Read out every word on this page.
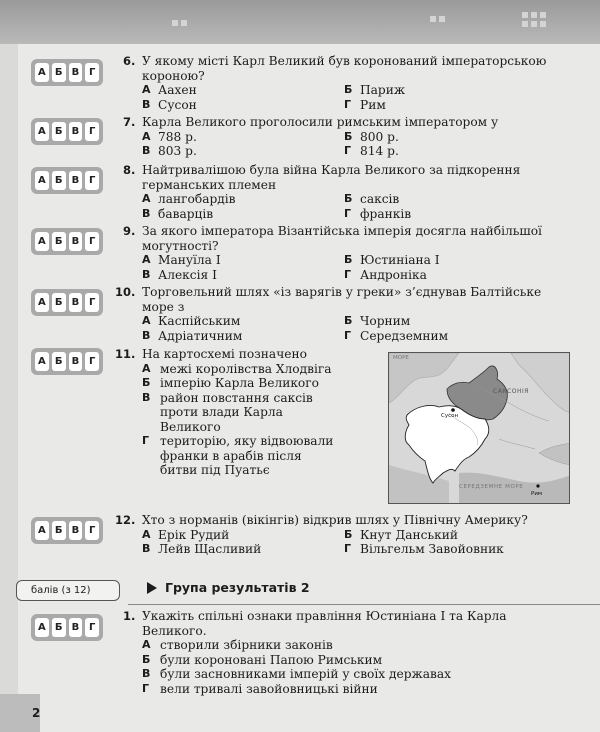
А Б В Г
А Б В Г
А Б В Г
А Б В Г
А Б В Г
А Б В Г
А Б В Г
А Б В Г
6. У якому місті Карл Великий був коронований імператорською короною?
А Аахен	Б Париж
В Сусон	Г Рим
7. Карла Великого проголосили римським імператором у
А 788 р.	Б 800 р.
В 803 р.	Г 814 р.
8. Найтривалішою була війна Карла Великого за підкорення германських племен
А лангобардів	Б саксів
В баварців	Г франків
9. За якого імператора Візантійська імперія досягла найбільшої могутності?
А Мануїла І	Б Юстиніана І
В Алексія І	Г Андроніка
10. Торговельний шлях «із варягів у греки» з’єднував Балтійське море з
А Каспійським	Б Чорним
В Адріатичним	Г Середземним
11. На картосхемі позначено
А межі королівства Хлодвіга
Б імперію Карла Великого
В район повстання саксів проти влади Карла Великого
Г територію, яку відвоювали франки в арабів після битви під Пуатьє
САКСОНІЯ
Сусон
Рим
СЕРЕДЗЕМНЕ МОРЕ
МОРЕ
12. Хто з норманів (вікінгів) відкрив шлях у Північну Америку?
А Ерік Рудий	Б Кнут Данський
В Лейв Щасливий	Г Вільгельм Завойовник
балів (з 12)	Група результатів 2
1. Укажіть спільні ознаки правління Юстиніана І та Карла Великого.
А створили збірники законів
Б були короновані Папою Римським
В були засновниками імперій у своїх державах
Г вели тривалі завойовницькі війни
2
